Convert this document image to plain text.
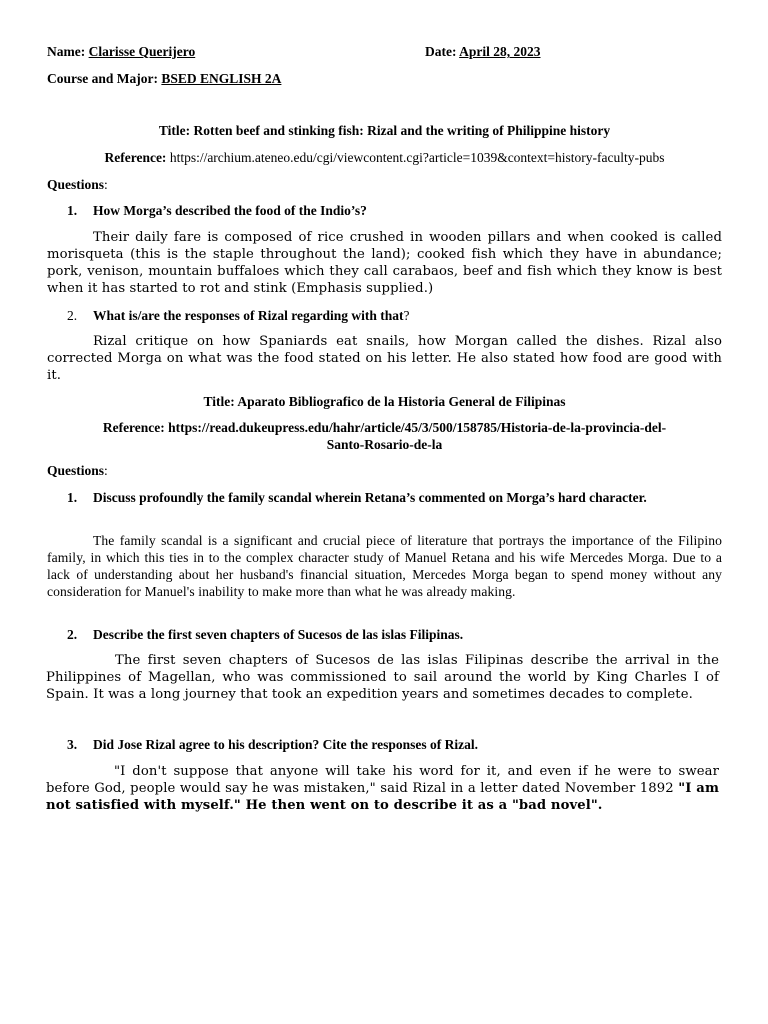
Name: Clarisse Querijero	Date: April 28, 2023
Course and Major: BSED ENGLISH 2A
Title: Rotten beef and stinking fish: Rizal and the writing of Philippine history
Reference: https://archium.ateneo.edu/cgi/viewcontent.cgi?article=1039&context=history-faculty-pubs
Questions:
1. How Morga’s described the food of the Indio’s?
Their daily fare is composed of rice crushed in wooden pillars and when cooked is called morisqueta (this is the staple throughout the land); cooked fish which they have in abundance; pork, venison, mountain buffaloes which they call carabaos, beef and fish which they know is best when it has started to rot and stink (Emphasis supplied.)
2. What is/are the responses of Rizal regarding with that?
Rizal critique on how Spaniards eat snails, how Morgan called the dishes. Rizal also corrected Morga on what was the food stated on his letter. He also stated how food are good with it.
Title: Aparato Bibliografico de la Historia General de Filipinas
Reference: https://read.dukeupress.edu/hahr/article/45/3/500/158785/Historia-de-la-provincia-del-
Santo-Rosario-de-la
Questions:
1. Discuss profoundly the family scandal wherein Retana’s commented on Morga’s hard character.
The family scandal is a significant and crucial piece of literature that portrays the importance of the Filipino family, in which this ties in to the complex character study of Manuel Retana and his wife Mercedes Morga. Due to a lack of understanding about her husband's financial situation, Mercedes Morga began to spend money without any consideration for Manuel's inability to make more than what he was already making.
2. Describe the first seven chapters of Sucesos de las islas Filipinas.
The first seven chapters of Sucesos de las islas Filipinas describe the arrival in the Philippines of Magellan, who was commissioned to sail around the world by King Charles I of Spain. It was a long journey that took an expedition years and sometimes decades to complete.
3. Did Jose Rizal agree to his description? Cite the responses of Rizal.
"I don't suppose that anyone will take his word for it, and even if he were to swear before God, people would say he was mistaken," said Rizal in a letter dated November 1892 "I am not satisfied with myself." He then went on to describe it as a "bad novel".
